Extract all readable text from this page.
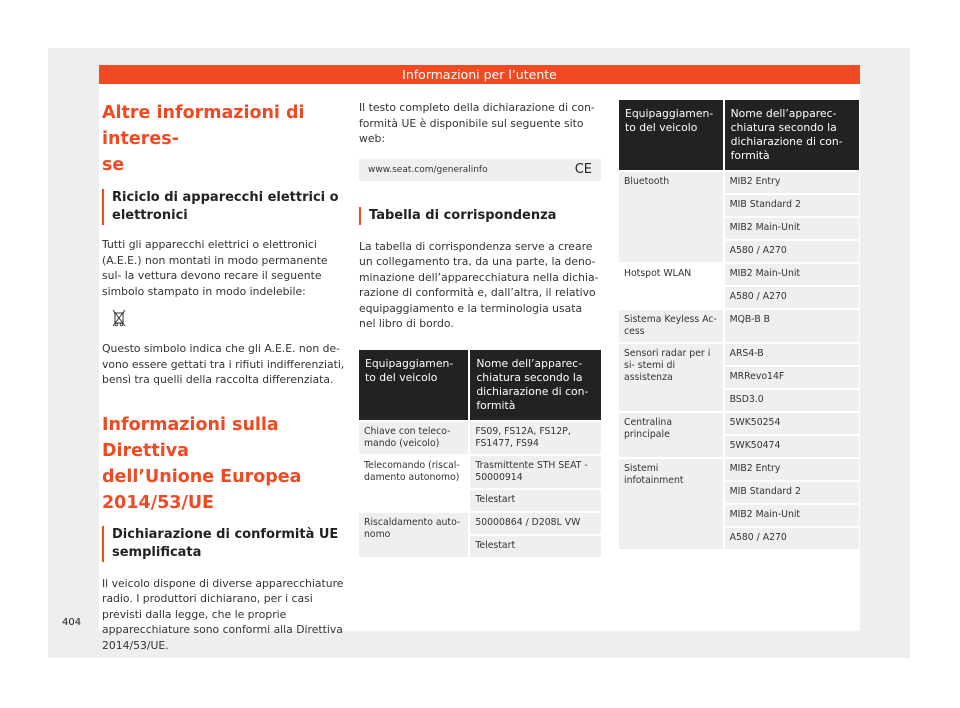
Informazioni per l’utente
Altre informazioni di interes-
se
Riciclo di apparecchi elettrici o elettronici

Tutti gli apparecchi elettrici o elettronici (A.E.E.) non montati in modo permanente sul- la vettura devono recare il seguente simbolo stampato in modo indelebile:

Questo simbolo indica che gli A.E.E. non de- vono essere gettati tra i rifiuti indifferenziati, bensì tra quelli della raccolta differenziata.

Informazioni sulla Direttiva
dell’Unione Europea
2014/53/UE
Dichiarazione di conformità UE semplificata

Il veicolo dispone di diverse apparecchiature radio. I produttori dichiarano, per i casi previsti dalla legge, che le proprie apparecchiature sono conformi alla Direttiva 2014/53/UE.

Il testo completo della dichiarazione di con- formità UE è disponibile sul seguente sito web:

www.seat.com/generalinfo	CE
Tabella di corrispondenza

La tabella di corrispondenza serve a creare un collegamento tra, da una parte, la deno- minazione dell’apparecchiatura nella dichia- razione di conformità e, dall’altra, il relativo equipaggiamento e la terminologia usata nel libro di bordo.

Equipaggiamen- to del veicolo	Nome dell’apparec- chiatura secondo la dichiarazione di con- formità
Chiave con teleco- mando (veicolo)	FS09, FS12A, FS12P, FS1477, FS94
Telecomando (riscal- damento autonomo)	Trasmittente STH SEAT - 50000914
	Telestart
Riscaldamento auto- nomo	50000864 / D208L VW
	Telestart
Equipaggiamen- to del veicolo	Nome dell’apparec- chiatura secondo la dichiarazione di con- formità
Bluetooth	MIB2 Entry
	MIB Standard 2
	MIB2 Main-Unit
	A580 / A270
Hotspot WLAN	MIB2 Main-Unit
	A580 / A270
Sistema Keyless Ac- cess	MQB-B B
Sensori radar per i si- stemi di assistenza	ARS4-B
	MRRevo14F
	BSD3.0
Centralina principale	5WK50254
	5WK50474
Sistemi infotainment	MIB2 Entry
	MIB Standard 2
	MIB2 Main-Unit
	A580 / A270
404
